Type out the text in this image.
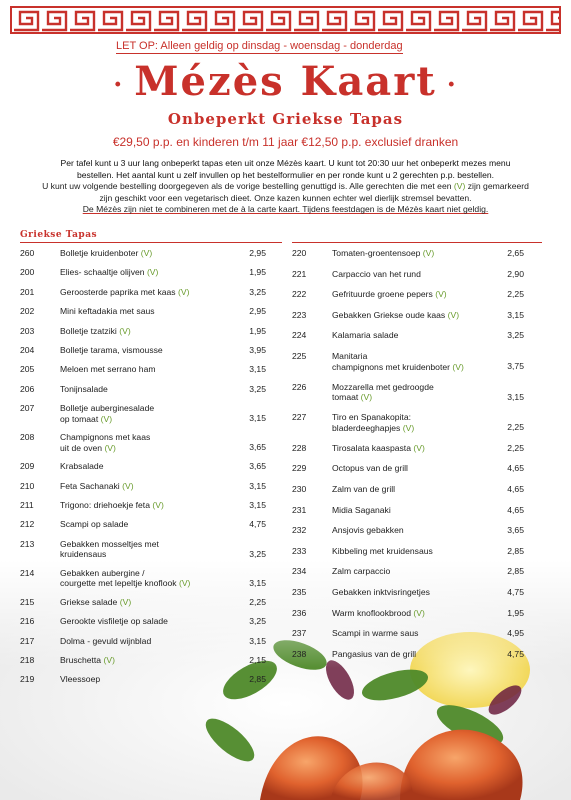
LET OP: Alleen geldig op dinsdag - woensdag - donderdag
· Mézès Kaart ·
Onbeperkt Griekse Tapas
€29,50 p.p. en kinderen t/m 11 jaar €12,50 p.p. exclusief dranken
Per tafel kunt u 3 uur lang onbeperkt tapas eten uit onze Mézès kaart. U kunt tot 20:30 uur het onbeperkt mezes menu
bestellen. Het aantal kunt u zelf invullen op het bestelformulier en per ronde kunt u 2 gerechten p.p. bestellen.
U kunt uw volgende bestelling doorgegeven als de vorige bestelling genuttigd is. Alle gerechten die met een (V) zijn gemarkeerd
zijn geschikt voor een vegetarisch dieet. Onze kazen kunnen echter wel dierlijk stremsel bevatten.
De Mézès zijn niet te combineren met de à la carte kaart. Tijdens feestdagen is de Mézès kaart niet geldig.
Griekse Tapas
260	Bolletje kruidenboter (V)	2,95
200	Elies- schaaltje olijven (V)	1,95
201	Geroosterde paprika met kaas (V)	3,25
202	Mini keftadakia met saus	2,95
203	Bolletje tzatziki (V)	1,95
204	Bolletje tarama, vismousse	3,95
205	Meloen met serrano ham	3,15
206	Tonijnsalade	3,25
207	Bolletje auberginesalade
op tomaat (V)	3,15
208	Champignons met kaas
uit de oven (V)	3,65
209	Krabsalade	3,65
210	Feta Sachanaki (V)	3,15
211	Trigono: driehoekje feta (V)	3,15
212	Scampi op salade	4,75
213	Gebakken mosseltjes met
kruidensaus	3,25
214	Gebakken aubergine /
courgette met lepeltje knoflook (V)	3,15
215	Griekse salade (V)	2,25
216	Gerookte visfiletje op salade	3,25
217	Dolma - gevuld wijnblad	3,15
218	Bruschetta (V)	2,15
219	Vleessoep	2,85
220	Tomaten-groentensoep (V)	2,65
221	Carpaccio van het rund	2,90
222	Gefrituurde groene pepers (V)	2,25
223	Gebakken Griekse oude kaas (V)	3,15
224	Kalamaria salade	3,25
225	Manitaria
champignons met kruidenboter (V)	3,75
226	Mozzarella met gedroogde
tomaat (V)	3,15
227	Tiro en Spanakopita:
bladerdeeghapjes (V)	2,25
228	Tirosalata kaaspasta (V)	2,25
229	Octopus van de grill	4,65
230	Zalm van de grill	4,65
231	Midia Saganaki	4,65
232	Ansjovis gebakken	3,65
233	Kibbeling met kruidensaus	2,85
234	Zalm carpaccio	2,85
235	Gebakken inktvisringetjes	4,75
236	Warm knoflookbrood (V)	1,95
237	Scampi in warme saus	4,95
238	Pangasius van de grill	4,75
